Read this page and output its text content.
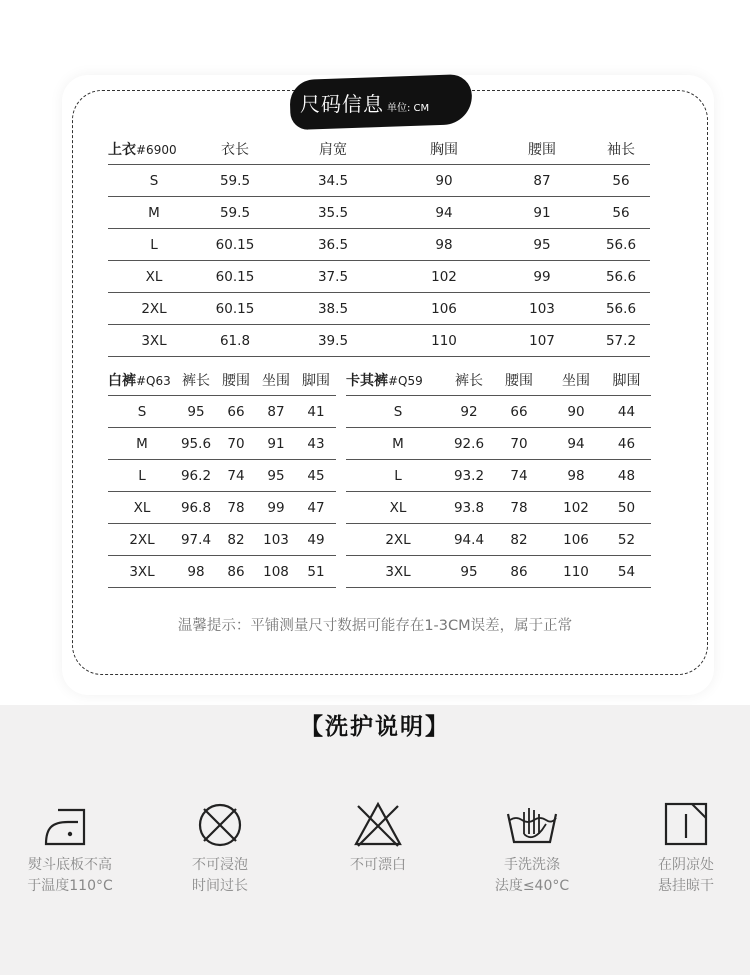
尺码信息 单位: CM
上衣#6900	衣长	肩宽	胸围	腰围	袖长
S	59.5	34.5	90	87	56
M	59.5	35.5	94	91	56
L	60.15	36.5	98	95	56.6
XL	60.15	37.5	102	99	56.6
2XL	60.15	38.5	106	103	56.6
3XL	61.8	39.5	110	107	57.2
白裤#Q63	裤长	腰围	坐围	脚围
S	95	66	87	41
M	95.6	70	91	43
L	96.2	74	95	45
XL	96.8	78	99	47
2XL	97.4	82	103	49
3XL	98	86	108	51
卡其裤#Q59	裤长	腰围	坐围	脚围
S	92	66	90	44
M	92.6	70	94	46
L	93.2	74	98	48
XL	93.8	78	102	50
2XL	94.4	82	106	52
3XL	95	86	110	54
温馨提示：平铺测量尺寸数据可能存在1-3CM误差，属于正常
【洗护说明】
熨斗底板不高
于温度110°C
不可浸泡
时间过长
不可漂白	手洗洗涤
法度≤40°C
在阴凉处
悬挂晾干
